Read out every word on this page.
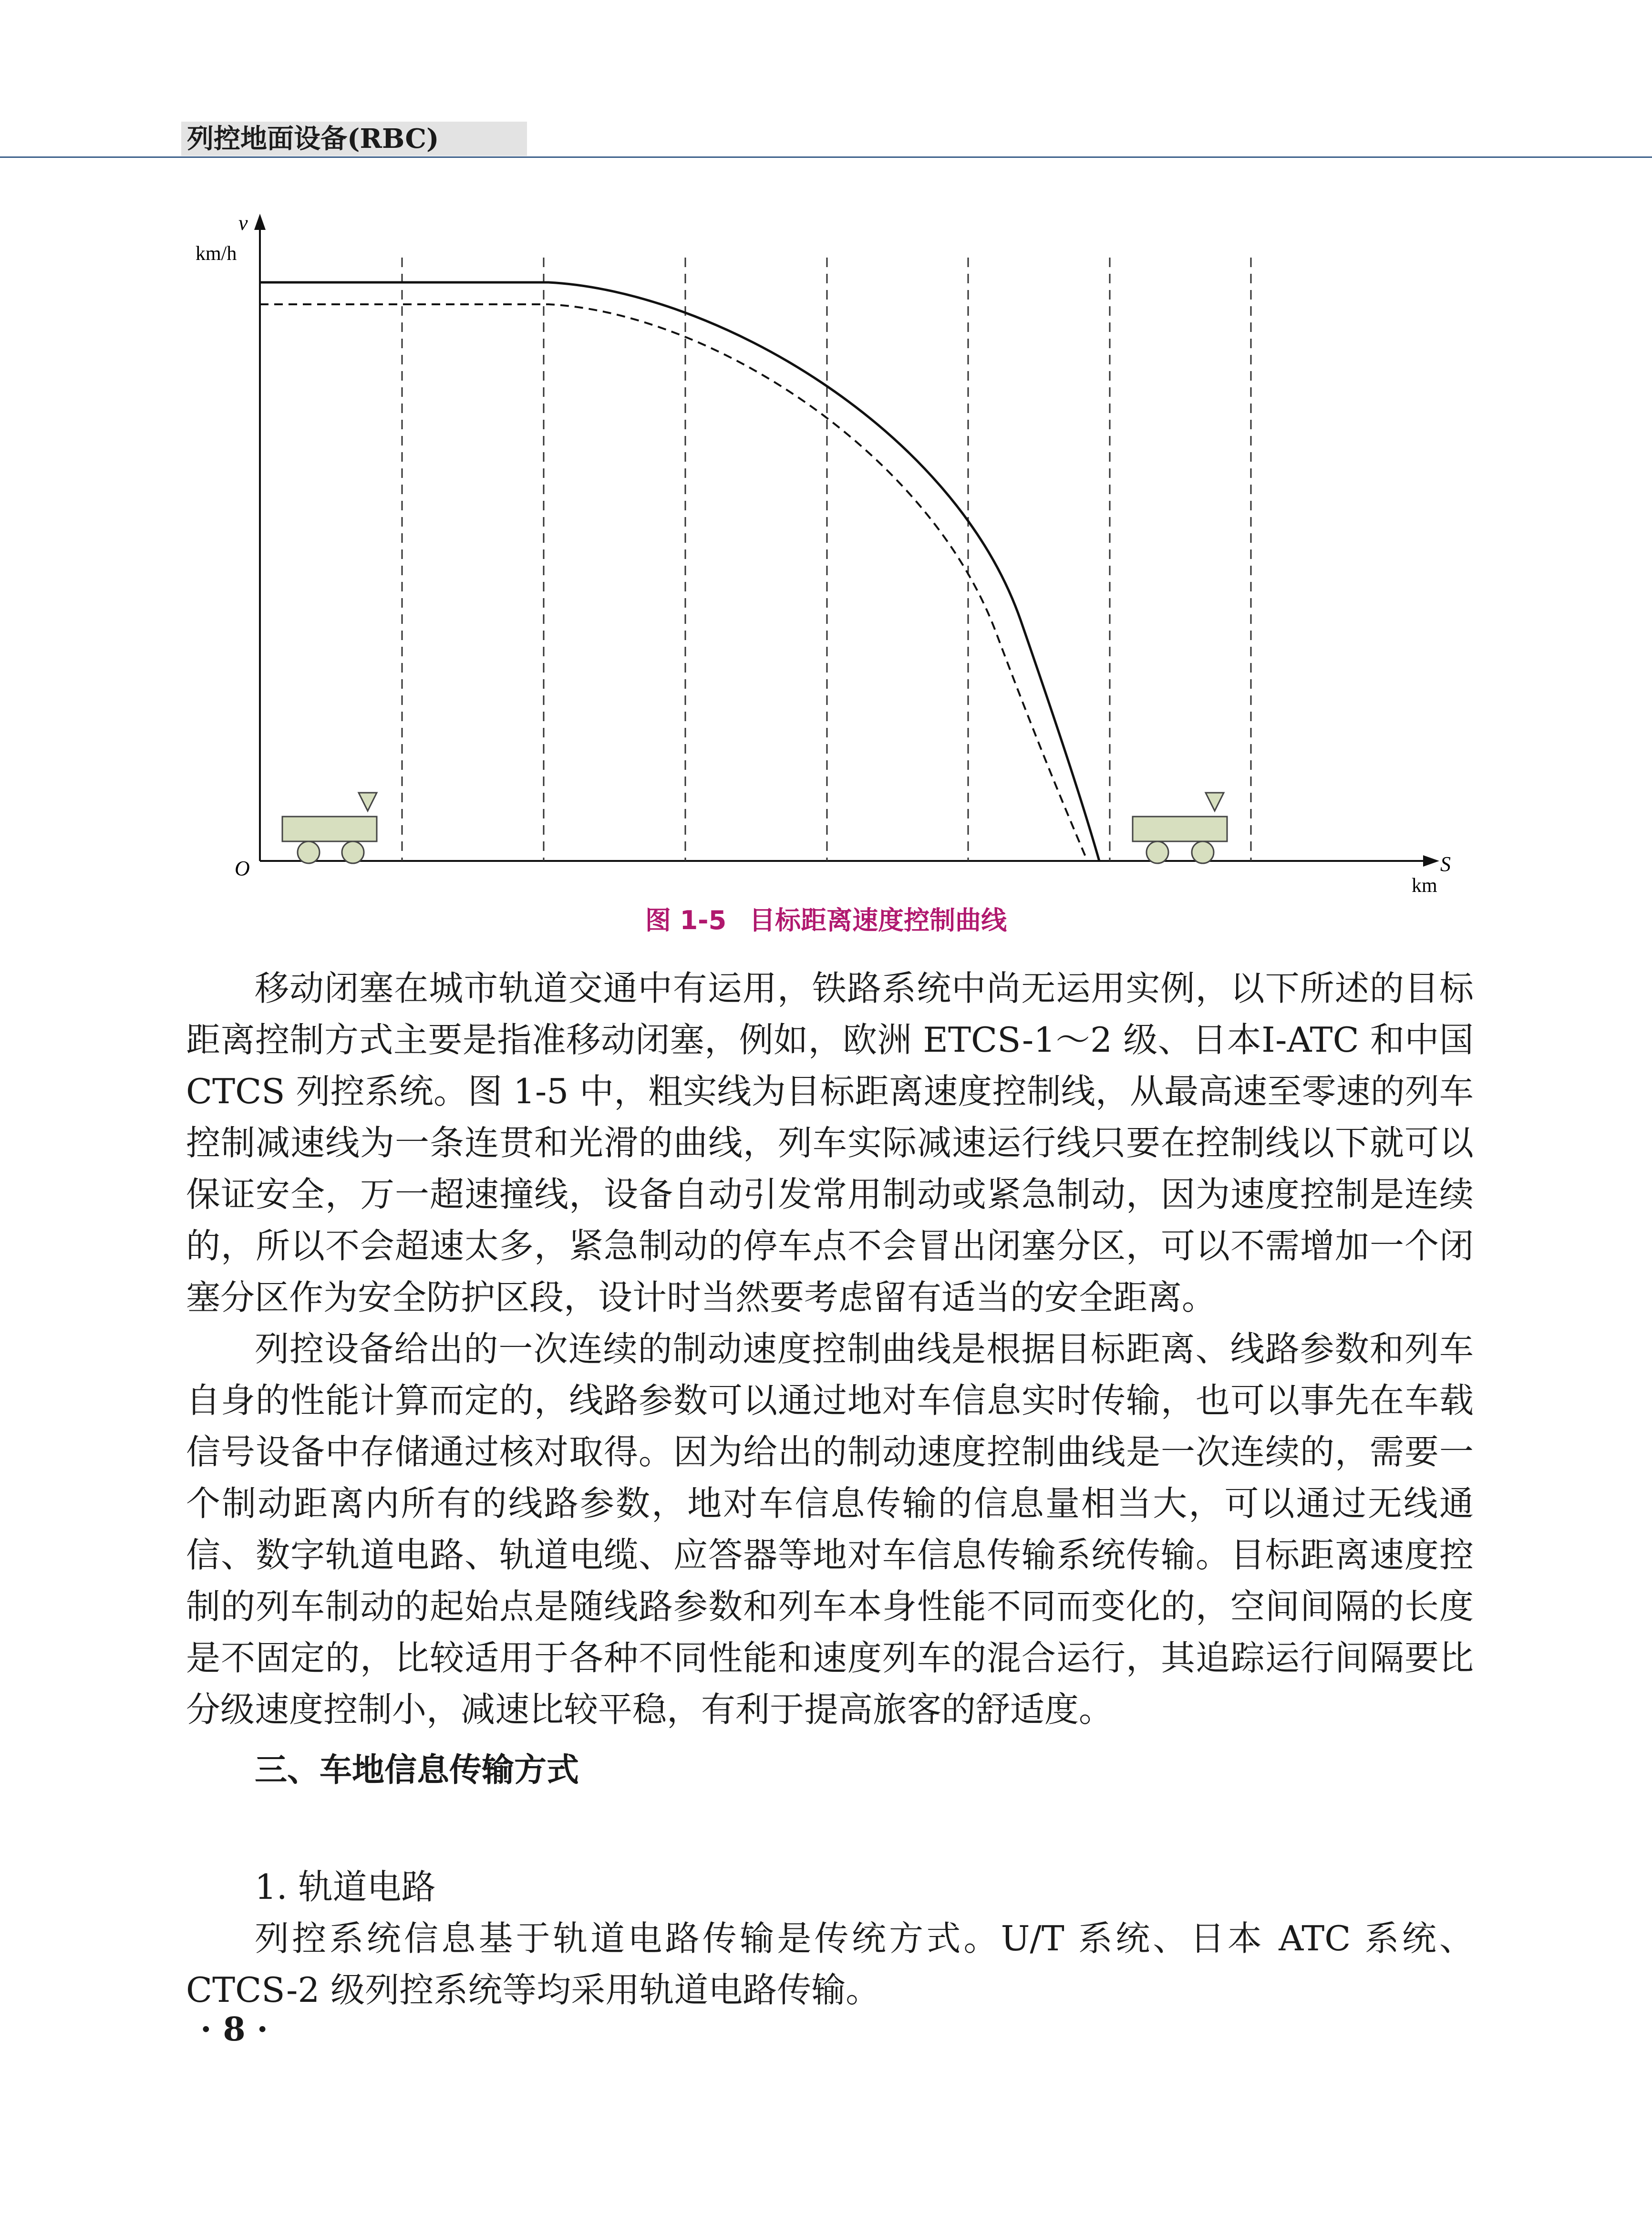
列控地面设备(RBC)
v
km/h
O	S
km
图 1-5 目标距离速度控制曲线

移动闭塞在城市轨道交通中有运用，铁路系统中尚无运用实例，以下所述的目标距离控制方式主要是指准移动闭塞，例如，欧洲 ETCS-1～2 级、日本Ⅰ-ATC 和中国 CTCS 列控系统。图 1-5 中，粗实线为目标距离速度控制线，从最高速至零速的列车控制减速线为一条连贯和光滑的曲线，列车实际减速运行线只要在控制线以下就可以保证安全，万一超速撞线，设备自动引发常用制动或紧急制动，因为速度控制是连续的，所以不会超速太多，紧急制动的停车点不会冒出闭塞分区，可以不需增加一个闭塞分区作为安全防护区段，设计时当然要考虑留有适当的安全距离。

列控设备给出的一次连续的制动速度控制曲线是根据目标距离、线路参数和列车自身的性能计算而定的，线路参数可以通过地对车信息实时传输，也可以事先在车载信号设备中存储通过核对取得。因为给出的制动速度控制曲线是一次连续的，需要一个制动距离内所有的线路参数，地对车信息传输的信息量相当大，可以通过无线通信、数字轨道电路、轨道电缆、应答器等地对车信息传输系统传输。目标距离速度控制的列车制动的起始点是随线路参数和列车本身性能不同而变化的，空间间隔的长度是不固定的，比较适用于各种不同性能和速度列车的混合运行，其追踪运行间隔要比分级速度控制小，减速比较平稳，有利于提高旅客的舒适度。

三、车地信息传输方式
1. 轨道电路

列控系统信息基于轨道电路传输是传统方式。U/T 系统、日本 ATC 系统、CTCS-2 级列控系统等均采用轨道电路传输。

· 8 ·
